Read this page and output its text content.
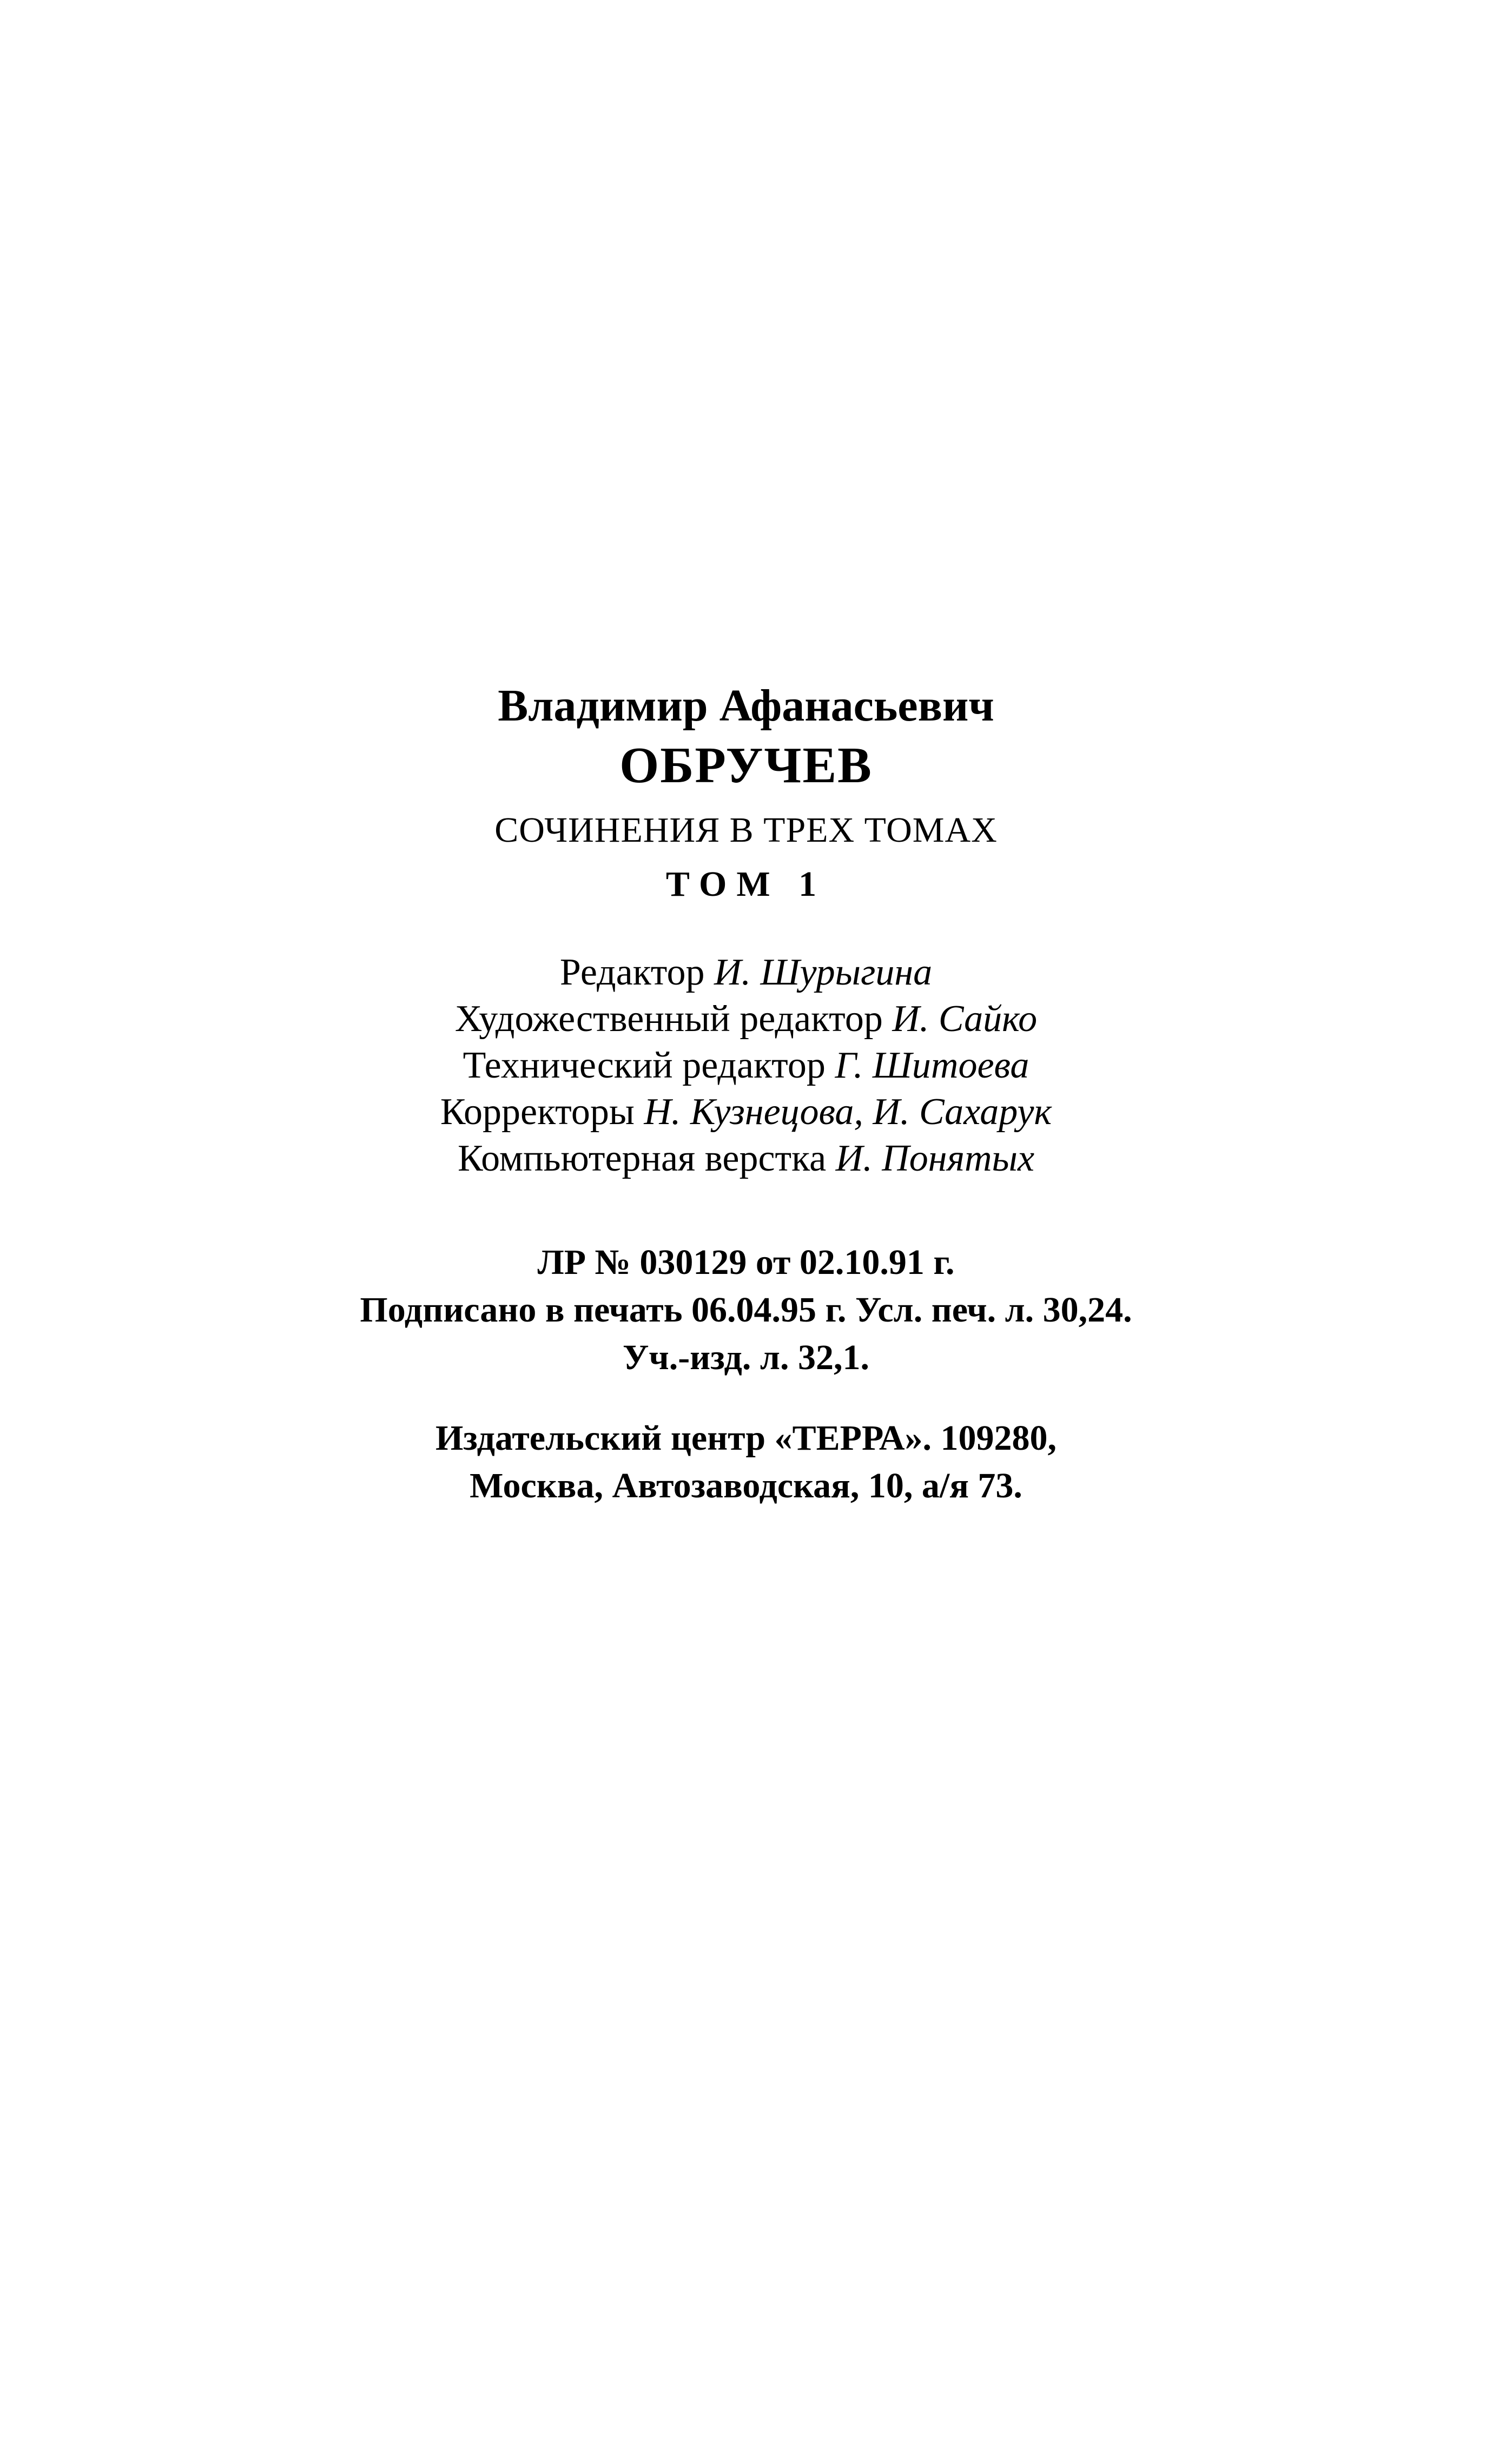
Владимир Афанасьевич
ОБРУЧЕВ
СОЧИНЕНИЯ В ТРЕХ ТОМАХ
ТОМ 1
Редактор И. Шурыгина
Художественный редактор И. Сайко
Технический редактор Г. Шитоева
Корректоры Н. Кузнецова, И. Сахарук
Компьютерная верстка И. Понятых
ЛР № 030129 от 02.10.91 г.
Подписано в печать 06.04.95 г. Усл. печ. л. 30,24.
Уч.-изд. л. 32,1.
Издательский центр «ТЕРРА». 109280,
Москва, Автозаводская, 10, а/я 73.
